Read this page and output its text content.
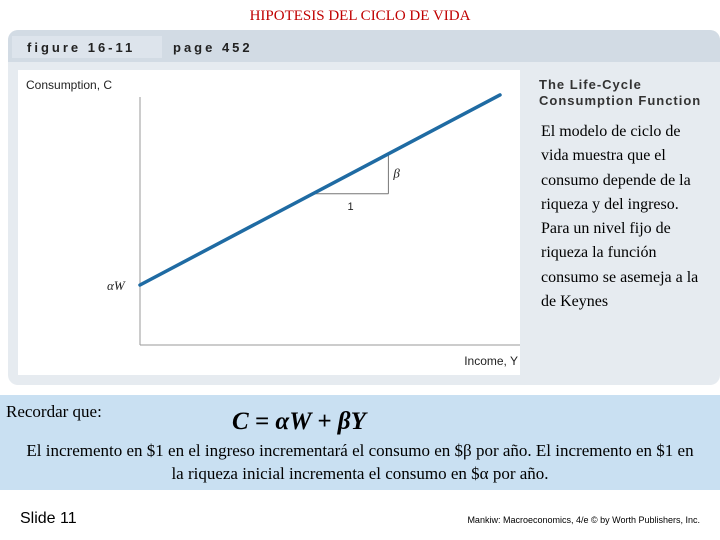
HIPOTESIS DEL CICLO DE VIDA
figure 16-11	page 452
Consumption, C
Income, Y
αW
1
β
The Life-Cycle Consumption Function
El modelo de ciclo de vida muestra que el consumo depende de la riqueza y del ingreso. Para un nivel fijo de riqueza la función consumo se asemeja a la de Keynes
Recordar que:	C = αW + βY
El incremento en $1 en el ingreso incrementará el consumo en $β por año. El incremento en $1 en la riqueza inicial incrementa el consumo en $α por año.
Slide 11	Mankiw: Macroeconomics, 4/e © by Worth Publishers, Inc.
